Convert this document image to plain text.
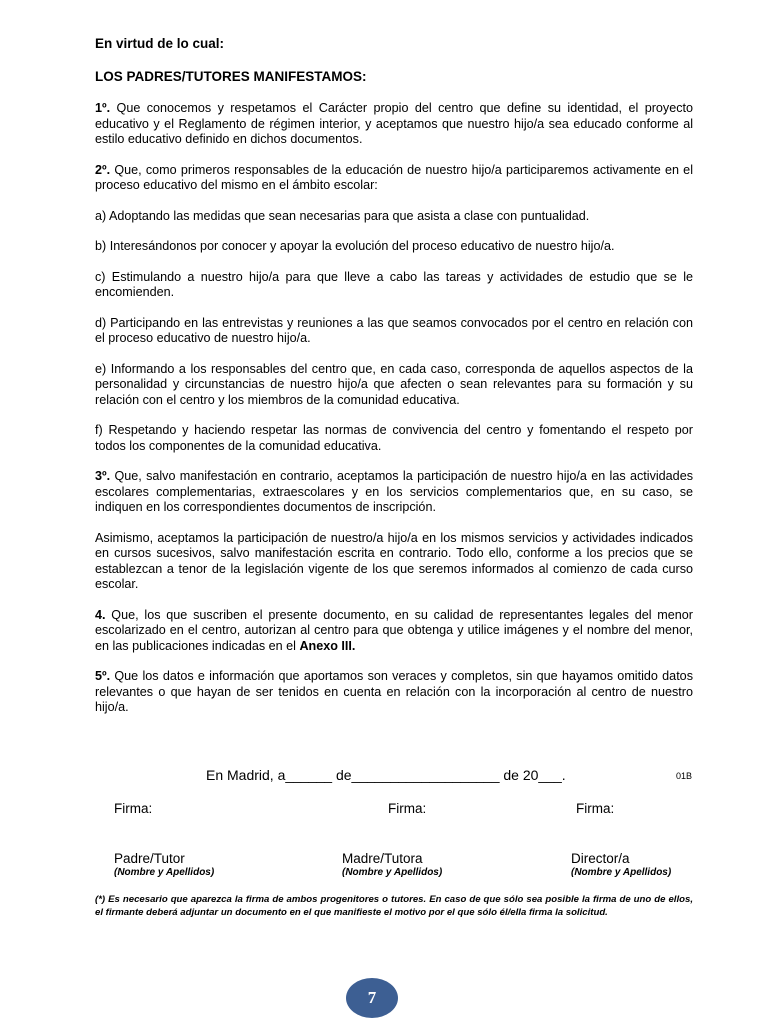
En virtud de lo cual:
LOS PADRES/TUTORES MANIFESTAMOS:

1º. Que conocemos y respetamos el Carácter propio del centro que define su identidad, el proyecto educativo y el Reglamento de régimen interior, y aceptamos que nuestro hijo/a sea educado conforme al estilo educativo definido en dichos documentos.

2º. Que, como primeros responsables de la educación de nuestro hijo/a participaremos activamente en el proceso educativo del mismo en el ámbito escolar:

a) Adoptando las medidas que sean necesarias para que asista a clase con puntualidad.

b) Interesándonos por conocer y apoyar la evolución del proceso educativo de nuestro hijo/a.

c) Estimulando a nuestro hijo/a para que lleve a cabo las tareas y actividades de estudio que se le encomienden.

d) Participando en las entrevistas y reuniones a las que seamos convocados por el centro en relación con el proceso educativo de nuestro hijo/a.

e) Informando a los responsables del centro que, en cada caso, corresponda de aquellos aspectos de la personalidad y circunstancias de nuestro hijo/a que afecten o sean relevantes para su formación y su relación con el centro y los miembros de la comunidad educativa.

f) Respetando y haciendo respetar las normas de convivencia del centro y fomentando el respeto por todos los componentes de la comunidad educativa.

3º. Que, salvo manifestación en contrario, aceptamos la participación de nuestro hijo/a en las actividades escolares complementarias, extraescolares y en los servicios complementarios que, en su caso, se indiquen en los correspondientes documentos de inscripción.

Asimismo, aceptamos la participación de nuestro/a hijo/a en los mismos servicios y actividades indicados en cursos sucesivos, salvo manifestación escrita en contrario. Todo ello, conforme a los precios que se establezcan a tenor de la legislación vigente de los que seremos informados al comienzo de cada curso escolar.

4. Que, los que suscriben el presente documento, en su calidad de representantes legales del menor escolarizado en el centro, autorizan al centro para que obtenga y utilice imágenes y el nombre del menor, en las publicaciones indicadas en el Anexo III.

5º. Que los datos e información que aportamos son veraces y completos, sin que hayamos omitido datos relevantes o que hayan de ser tenidos en cuenta en relación con la incorporación al centro de nuestro hijo/a.

En Madrid, a______ de___________________ de 20___.	01B
Firma:	Firma:	Firma:
Padre/Tutor
(Nombre y Apellidos)
Madre/Tutora
(Nombre y Apellidos)
Director/a
(Nombre y Apellidos)
(*) Es necesario que aparezca la firma de ambos progenitores o tutores. En caso de que sólo sea posible la firma de uno de ellos, el firmante deberá adjuntar un documento en el que manifieste el motivo por el que sólo él/ella firma la solicitud.
7
